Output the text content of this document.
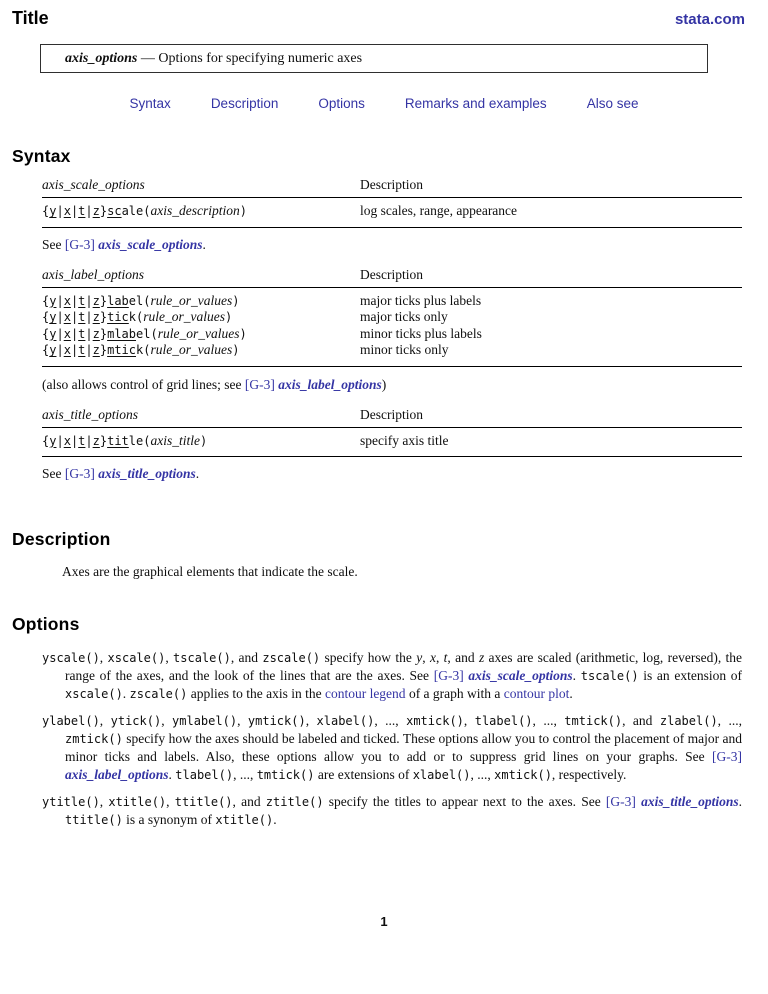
Title	stata.com
axis_options — Options for specifying numeric axes
Syntax	Description	Options	Remarks and examples	Also see
Syntax
axis_scale_options	Description
{y|x|t|z}scale(axis_description)	log scales, range, appearance
See [G-3] axis_scale_options.
axis_label_options	Description
{y|x|t|z}label(rule_or_values)	major ticks plus labels
{y|x|t|z}tick(rule_or_values)	major ticks only
{y|x|t|z}mlabel(rule_or_values)	minor ticks plus labels
{y|x|t|z}mtick(rule_or_values)	minor ticks only
(also allows control of grid lines; see [G-3] axis_label_options)
axis_title_options	Description
{y|x|t|z}title(axis_title)	specify axis title
See [G-3] axis_title_options.
Description
Axes are the graphical elements that indicate the scale.
Options
yscale(), xscale(), tscale(), and zscale() specify how the y, x, t, and z axes are scaled (arithmetic, log, reversed), the range of the axes, and the look of the lines that are the axes. See [G-3] axis_scale_options. tscale() is an extension of xscale(). zscale() applies to the axis in the contour legend of a graph with a contour plot.
ylabel(), ytick(), ymlabel(), ymtick(), xlabel(), ..., xmtick(), tlabel(), ..., tmtick(), and zlabel(), ..., zmtick() specify how the axes should be labeled and ticked. These options allow you to control the placement of major and minor ticks and labels. Also, these options allow you to add or to suppress grid lines on your graphs. See [G-3] axis_label_options. tlabel(), ..., tmtick() are extensions of xlabel(), ..., xmtick(), respectively.
ytitle(), xtitle(), ttitle(), and ztitle() specify the titles to appear next to the axes. See [G-3] axis_title_options. ttitle() is a synonym of xtitle().
1
